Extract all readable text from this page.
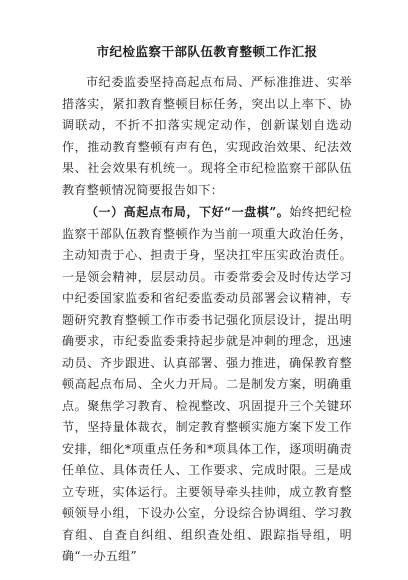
市纪检监察干部队伍教育整顿工作汇报

市纪委监委坚持高起点布局、严标准推进、实举措落实，紧扣教育整顿目标任务，突出以上率下、协调联动，不折不扣落实规定动作，创新谋划自选动作，推动教育整顿有声有色，实现政治效果、纪法效果、社会效果有机统一。现将全市纪检监察干部队伍教育整顿情况简要报告如下：

（一）高起点布局，下好“一盘棋”。始终把纪检监察干部队伍教育整顿作为当前一项重大政治任务，主动知责于心、担责于身，坚决扛牢压实政治责任。一是领会精神，层层动员。市委常委会及时传达学习中纪委国家监委和省纪委监委动员部署会议精神，专题研究教育整顿工作市委书记强化顶层设计，提出明确要求，市纪委监委秉持起步就是冲刺的理念，迅速动员、齐步跟进、认真部署、强力推进，确保教育整顿高起点布局、全火力开局。二是制发方案，明确重点。聚焦学习教育、检视整改、巩固提升三个关键环节，坚持量体裁衣，制定教育整顿实施方案下发工作安排，细化*项重点任务和*项具体工作，逐项明确责任单位、具体责任人、工作要求、完成时限。三是成立专班，实体运行。主要领导牵头挂帅，成立教育整顿领导小组，下设办公室，分设综合协调组、学习教育组、自查自纠组、组织查处组、跟踪指导组，明确“一办五组”
